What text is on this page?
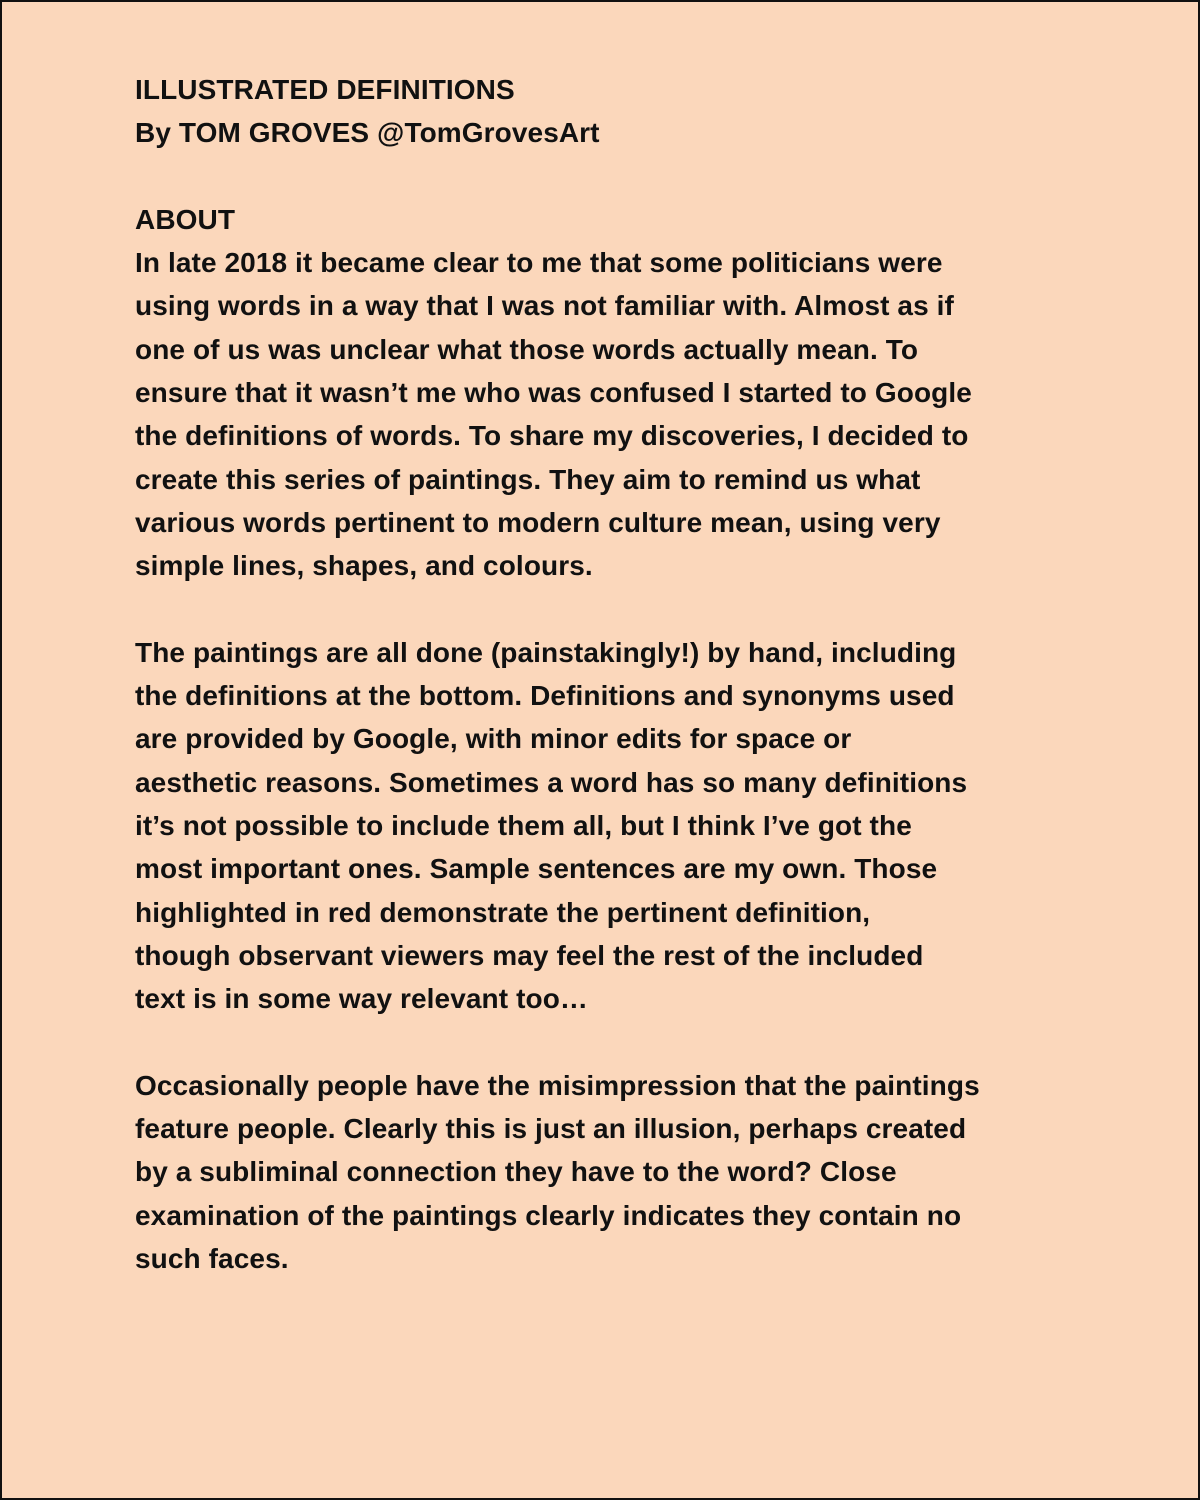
ILLUSTRATED DEFINITIONS
By TOM GROVES @TomGrovesArt
ABOUT
In late 2018 it became clear to me that some politicians were
using words in a way that I was not familiar with. Almost as if
one of us was unclear what those words actually mean. To
ensure that it wasn’t me who was confused I started to Google
the definitions of words. To share my discoveries, I decided to
create this series of paintings. They aim to remind us what
various words pertinent to modern culture mean, using very
simple lines, shapes, and colours.
The paintings are all done (painstakingly!) by hand, including
the definitions at the bottom. Definitions and synonyms used
are provided by Google, with minor edits for space or
aesthetic reasons. Sometimes a word has so many definitions
it’s not possible to include them all, but I think I’ve got the
most important ones. Sample sentences are my own. Those
highlighted in red demonstrate the pertinent definition,
though observant viewers may feel the rest of the included
text is in some way relevant too…
Occasionally people have the misimpression that the paintings
feature people. Clearly this is just an illusion, perhaps created
by a subliminal connection they have to the word? Close
examination of the paintings clearly indicates they contain no
such faces.
